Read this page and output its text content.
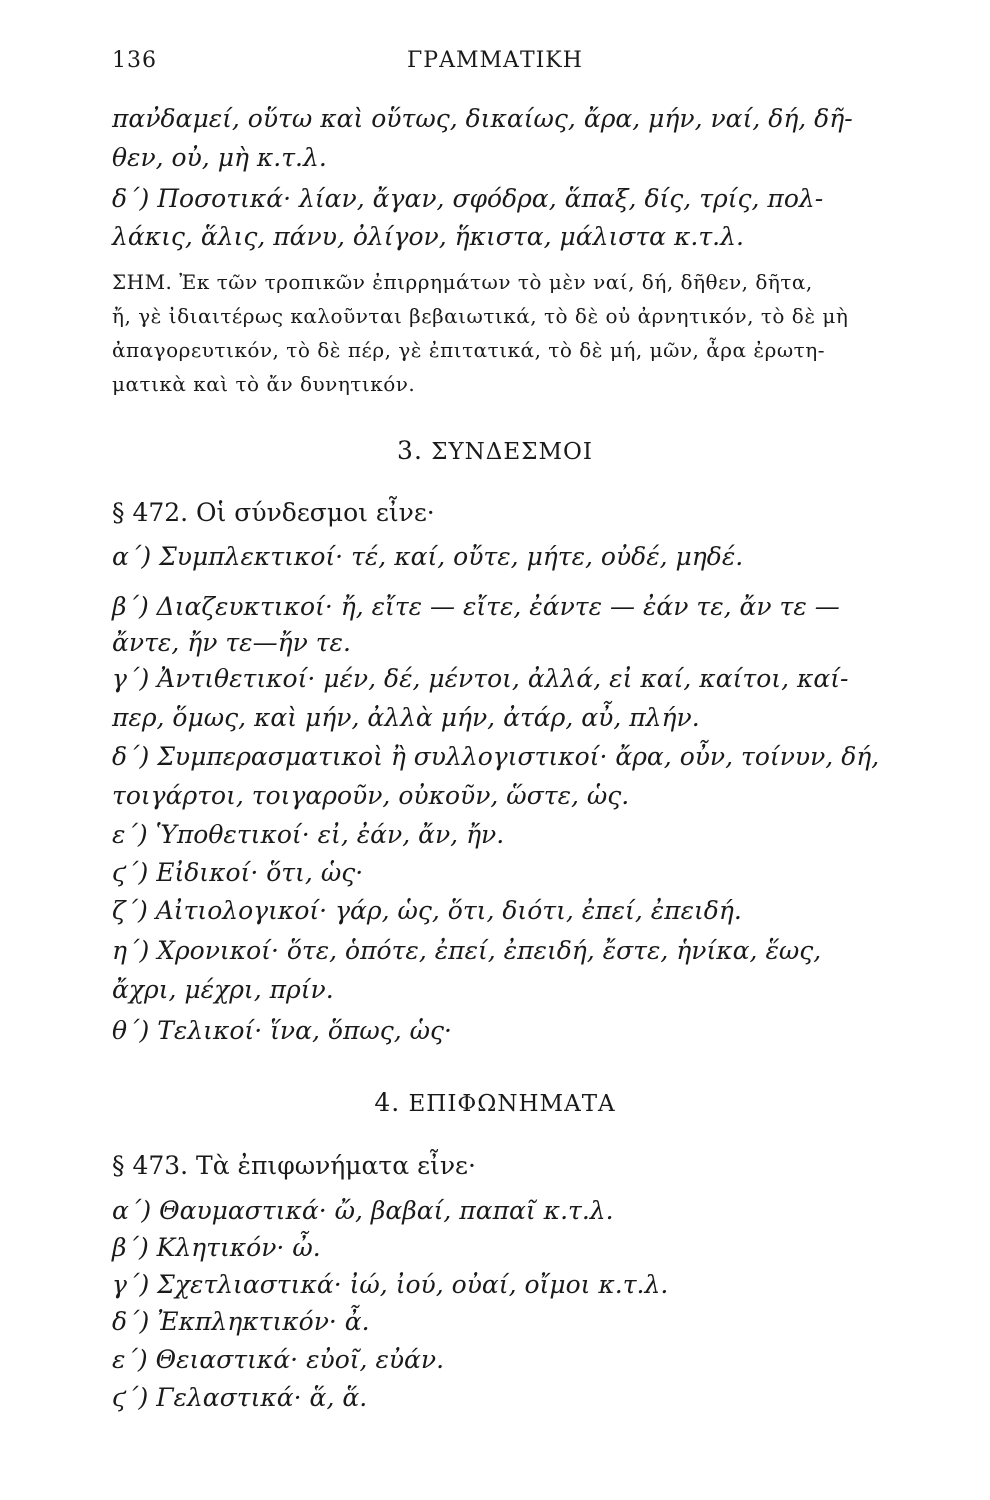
136	ΓΡΑΜΜΑΤΙΚΗ
παν̓δαμεί, οὕτω καὶ οὕτως, δικαίως, ἄρα, μήν, ναί, δή, δῆ-
θεν, οὐ, μὴ κ.τ.λ.
δ΄) Ποσοτικά· λίαν, ἄγαν, σφόδρα, ἅπαξ, δίς, τρίς, πολ-
λάκις, ἅλις, πάνυ, ὀλίγον, ἥκιστα, μάλιστα κ.τ.λ.
ΣΗΜ. Ἐκ τῶν τροπικῶν ἐπιρρημάτων τὸ μὲν ναί, δή, δῆθεν, δῆτα,
ἤ, γὲ ἰδιαιτέρως καλοῦνται βεβαιωτικά, τὸ δὲ οὐ ἀρνητικόν, τὸ δὲ μὴ
ἀπαγορευτικόν, τὸ δὲ πέρ, γὲ ἐπιτατικά, τὸ δὲ μή, μῶν, ἆρα ἐρωτη-
ματικὰ καὶ τὸ ἄν δυνητικόν.
3. ΣΥΝΔΕΣΜΟΙ
§ 472. Οἱ σύνδεσμοι εἶνε·
α΄) Συμπλεκτικοί· τέ, καί, οὔτε, μήτε, οὐδέ, μηδέ.
β΄) Διαζευκτικοί· ἤ, εἴτε — εἴτε, ἐάντε — ἐάν τε, ἄν τε —
ἄντε, ἤν τε—ἤν τε.
γ΄) Ἀντιθετικοί· μέν, δέ, μέντοι, ἀλλά, εἰ καί, καίτοι, καί-
περ, ὅμως, καὶ μήν, ἀλλὰ μήν, ἀτάρ, αὖ, πλήν.
δ΄) Συμπερασματικοὶ ἢ συλλογιστικοί· ἄρα, οὖν, τοίνυν, δή,
τοιγάρτοι, τοιγαροῦν, οὐκοῦν, ὥστε, ὡς.
ε΄) Ὑποθετικοί· εἰ, ἐάν, ἄν, ἤν.
ϛ΄) Εἰδικοί· ὅτι, ὡς·
ζ΄) Αἰτιολογικοί· γάρ, ὡς, ὅτι, διότι, ἐπεί, ἐπειδή.
η΄) Χρονικοί· ὅτε, ὁπότε, ἐπεί, ἐπειδή, ἔστε, ἡνίκα, ἕως,
ἄχρι, μέχρι, πρίν.
θ΄) Τελικοί· ἵνα, ὅπως, ὡς·
4. ΕΠΙΦΩΝΗΜΑΤΑ
§ 473. Τὰ ἐπιφωνήματα εἶνε·
α΄) Θαυμαστικά· ὤ, βαβαί, παπαῖ κ.τ.λ.
β΄) Κλητικόν· ὦ.
γ΄) Σχετλιαστικά· ἰώ, ἰού, οὐαί, οἴμοι κ.τ.λ.
δ΄) Ἐκπληκτικόν· ἆ.
ε΄) Θειαστικά· εὐοῖ, εὐάν.
ϛ΄) Γελαστικά· ἅ, ἅ.
